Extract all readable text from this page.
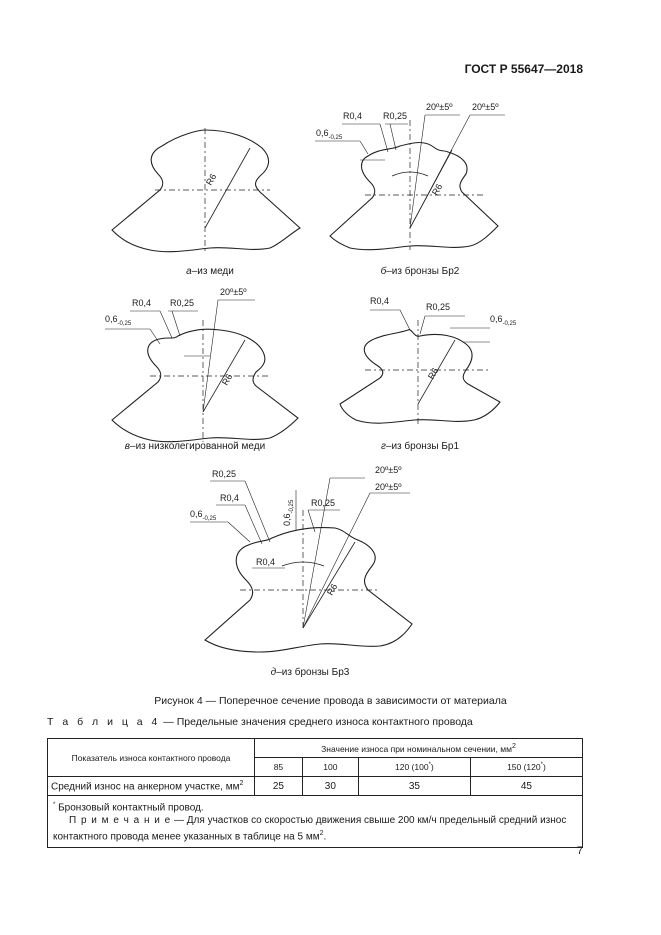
ГОСТ Р 55647—2018
R6
R0,4 R0,25
20º±5º 20º±5º
$0,6_{-0,25}$
R6
R0,4 R0,25
20º±5º
$0,6_{-0,25}$
R6
R0,4
R0,25
$0,6_{-0,25}$
R6
R0,25
R0,4
$0,6_{-0,25}$
20º±5º
20º±5º
R0,25
$0,6_{-0,25}$
R0,4
R6
а–из меди	б–из бронзы Бр2
в–из низколегированной меди	г–из бронзы Бр1
д–из бронзы Бр3
Рисунок 4 — Поперечное сечение провода в зависимости от материала
Т а б л и ц а 4 — Предельные значения среднего износа контактного провода
Показатель износа контактного провода	Значение износа при номинальном сечении, $мм^2$
	85	100	120 (100*)	150 (120*)
Средний износ на анкерном участке, $мм^2$	25	30	35	45

* Бронзовый контактный провод.
П р и м е ч а н и е — Для участков со скоростью движения свыше 200 км/ч предельный средний износ контактного провода менее указанных в таблице на 5 $мм^2$.				
7
